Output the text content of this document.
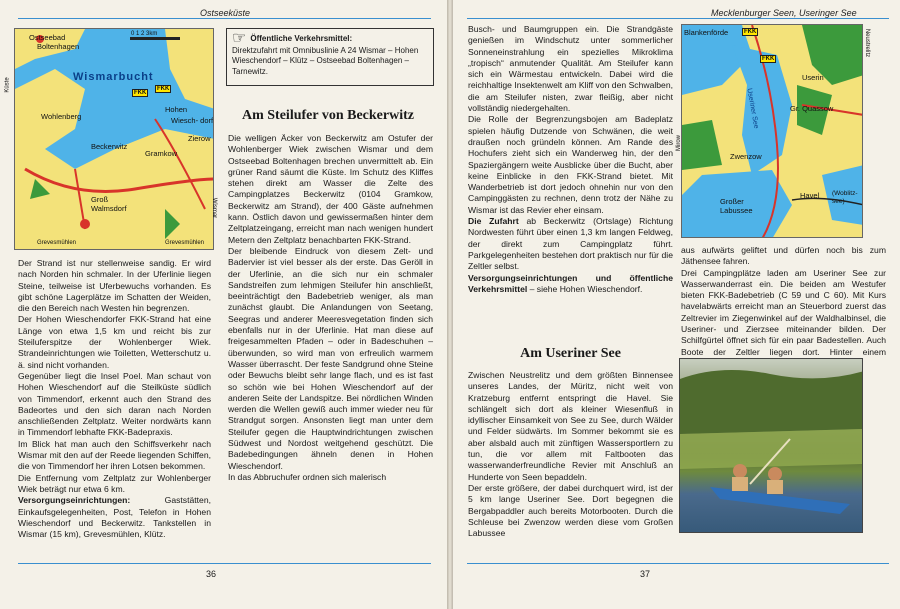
Ostseeküste
Ostseebad
Boltenhagen
0 1 2 3km
Wismarbucht
FKK
FKK
Hohen
Wiesch- dorf
Wohlenberg
Zierow
Beckerwitz
Gramkow
Groß
Walmsdorf
Grevesmühlen	Grevesmühlen
Küste
Wismar
☞ Öffentliche Verkehrsmittel:
Direktzufahrt mit Omnibuslinie A 24 Wismar – Hohen Wieschendorf – Klütz – Ostseebad Boltenhagen – Tarnewitz.
Am Steilufer von Beckerwitz

Der Strand ist nur stellenweise sandig. Er wird nach Norden hin schmaler. In der Uferlinie liegen Steine, teilweise ist Uferbewuchs vorhanden. Es gibt schöne Lagerplätze im Schatten der Weiden, die den Bereich nach Westen hin begrenzen.
Der Hohen Wieschendorfer FKK-Strand hat eine Länge von etwa 1,5 km und reicht bis zur Steiluferspitze der Wohlenberger Wiek. Strandeinrichtungen wie Toiletten, Wetterschutz u. ä. sind nicht vorhanden.
Gegenüber liegt die Insel Poel. Man schaut von Hohen Wieschendorf auf die Steilküste südlich von Timmendorf, erkennt auch den Strand des Badeortes und den sich daran nach Norden anschließenden Zeltplatz. Weiter nordwärts kann in Timmendorf lebhafte FKK-Badepraxis.
Im Blick hat man auch den Schiffsverkehr nach Wismar mit den auf der Reede liegenden Schiffen, die von Timmendorf her ihren Lotsen bekommen.
Die Entfernung vom Zeltplatz zur Wohlenberger Wiek beträgt nur etwa 6 km.

Versorgungseinrichtungen: Gaststätten, Einkaufsgelegenheiten, Post, Telefon in Hohen Wieschendorf und Beckerwitz. Tankstellen in Wismar (15 km), Grevesmühlen, Klütz.

Die welligen Äcker von Beckerwitz am Ostufer der Wohlenberger Wiek zwischen Wismar und dem Ostseebad Boltenhagen brechen unvermittelt ab. Ein grüner Rand säumt die Küste. Im Schutz des Kliffes stehen direkt am Wasser die Zelte des Campingplatzes Beckerwitz (0104 Gramkow, Beckerwitz am Strand), der 400 Gäste aufnehmen kann. Östlich davon und gewissermaßen hinter dem Zeltplatzeingang, erreicht man nach wenigen hundert Metern den Zeltplatz benachbarten FKK-Strand.
Der bleibende Eindruck von diesem Zelt- und Badervier ist viel besser als der erste. Das Geröll in der Uferlinie, an die sich nur ein schmaler Sandstreifen zum lehmigen Steilufer hin anschließt, beeinträchtigt den Badebetrieb weniger, als man zunächst glaubt. Die Anlandungen von Seetang, Seegras und anderer Meeresvegetation finden sich ebenfalls nur in der Uferlinie. Hat man diese auf freigesammelten Pfaden – oder in Badeschuhen – überwunden, so wird man von erfreulich warmem Wasser überrascht. Der feste Sandgrund ohne Steine oder Bewuchs bleibt sehr lange flach, und es ist fast so schön wie bei Hohen Wieschendorf auf der anderen Seite der Landspitze. Bei nördlichen Winden werden die Wellen gewiß auch immer wieder neu für Strandgut sorgen. Ansonsten liegt man unter dem Steilufer gegen die Hauptwindrichtungen zwischen Südwest und Nordost weitgehend geschützt. Die Badebedingungen ähneln denen in Hohen Wieschendorf.
In das Abbruchufer ordnen sich malerisch

36
Mecklenburger Seen, Useringer See

Busch- und Baumgruppen ein. Die Strandgäste genießen im Windschutz unter sommerlicher Sonneneinstrahlung ein spezielles Mikroklima „tropisch“ anmutender Qualität. Am Steilufer kann sich ein Wärmestau entwickeln. Dabei wird die reichhaltige Insektenwelt am Kliff von den Schwalben, die am Steilufer nisten, zwar fleißig, aber nicht vollständig niedergehalten.
Die Rolle der Begrenzungsbojen am Badeplatz spielen häufig Dutzende von Schwänen, die weit draußen noch gründeln können. Am Rande des Hochufers zieht sich ein Wanderweg hin, der den Spaziergängern weite Ausblicke über die Bucht, aber keine Einblicke in den FKK-Strand bietet. Mit Wanderbetrieb ist dort jedoch ohnehin nur von den Campinggästen zu rechnen, denn trotz der Nähe zu Wismar ist das Revier eher einsam.

Die Zufahrt ab Beckerwitz (Ortslage) Richtung Nordwesten führt über einen 1,3 km langen Feldweg, der direkt zum Campingplatz führt. Parkgelegenheiten bestehen dort praktisch nur für die Zeltler selbst.

Versorgungseinrichtungen und öffentliche Verkehrsmittel – siehe Hohen Wieschendorf.

Am Useriner See

Zwischen Neustrelitz und dem größten Binnensee unseres Landes, der Müritz, nicht weit von Kratzeburg entfernt entspringt die Havel. Sie schlängelt sich dort als kleiner Wiesenfluß in idyllischer Einsamkeit von See zu See, durch Wälder und Felder südwärts. Im Sommer bekommt sie es aber alsbald auch mit zünftigen Wassersportlern zu tun, die vor allem mit Faltbooten das wasserwanderfreundliche Revier mit Anschluß an Hunderte von Seen bepaddeln.
Der erste größere, der dabei durchquert wird, ist der 5 km lange Useriner See. Dort begegnen die Bergabpaddler auch bereits Motorbooten. Durch die Schleuse bei Zwenzow werden diese vom Großen Labussee

Blankenförde	FKK
FKK
Useriner See
Userin
Gr. Quassow
Zwenzow
Großer
Labussee
Havel (Woblitz-
see)
Mirow
Neustrelitz

aus aufwärts geliftet und dürfen noch bis zum Jäthensee fahren.
Drei Campingplätze laden am Useriner See zur Wasserwanderrast ein. Die beiden am Westufer bieten FKK-Badebetrieb (C 59 und C 60). Mit Kurs havelabwärts erreicht man an Steuerbord zuerst das Zeltrevier im Ziegenwinkel auf der Waldhalbinsel, die Useriner- und Zierzsee miteinander bilden. Der Schilfgürtel öffnet sich für ein paar Badestellen. Auch Boote der Zeltler liegen dort. Hinter einem

37
